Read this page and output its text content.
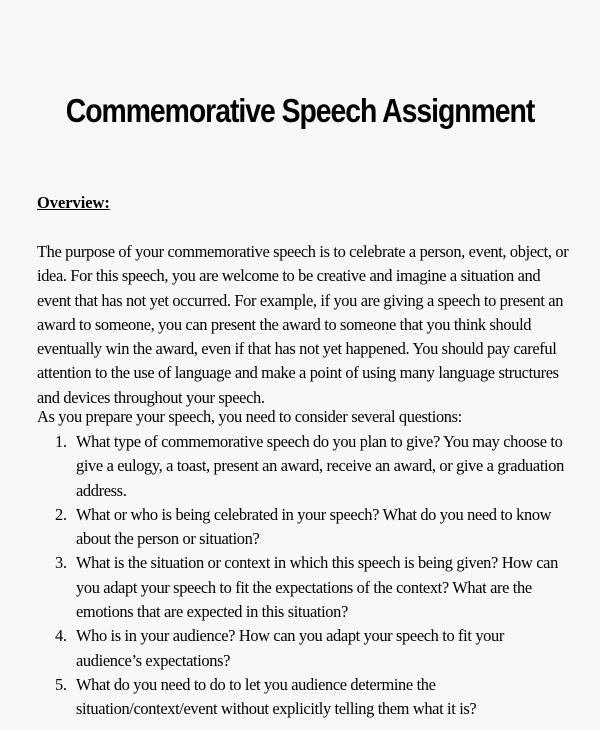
Commemorative Speech Assignment
Overview:

The purpose of your commemorative speech is to celebrate a person, event, object, or idea. For this speech, you are welcome to be creative and imagine a situation and event that has not yet occurred. For example, if you are giving a speech to present an award to someone, you can present the award to someone that you think should eventually win the award, even if that has not yet happened. You should pay careful attention to the use of language and make a point of using many language structures and devices throughout your speech.

As you prepare your speech, you need to consider several questions:

1. What type of commemorative speech do you plan to give? You may choose to give a eulogy, a toast, present an award, receive an award, or give a graduation address.
2. What or who is being celebrated in your speech? What do you need to know about the person or situation?
3. What is the situation or context in which this speech is being given? How can you adapt your speech to fit the expectations of the context? What are the emotions that are expected in this situation?
4. Who is in your audience? How can you adapt your speech to fit your audience’s expectations?
5. What do you need to do to let you audience determine the situation/context/event without explicitly telling them what it is?
